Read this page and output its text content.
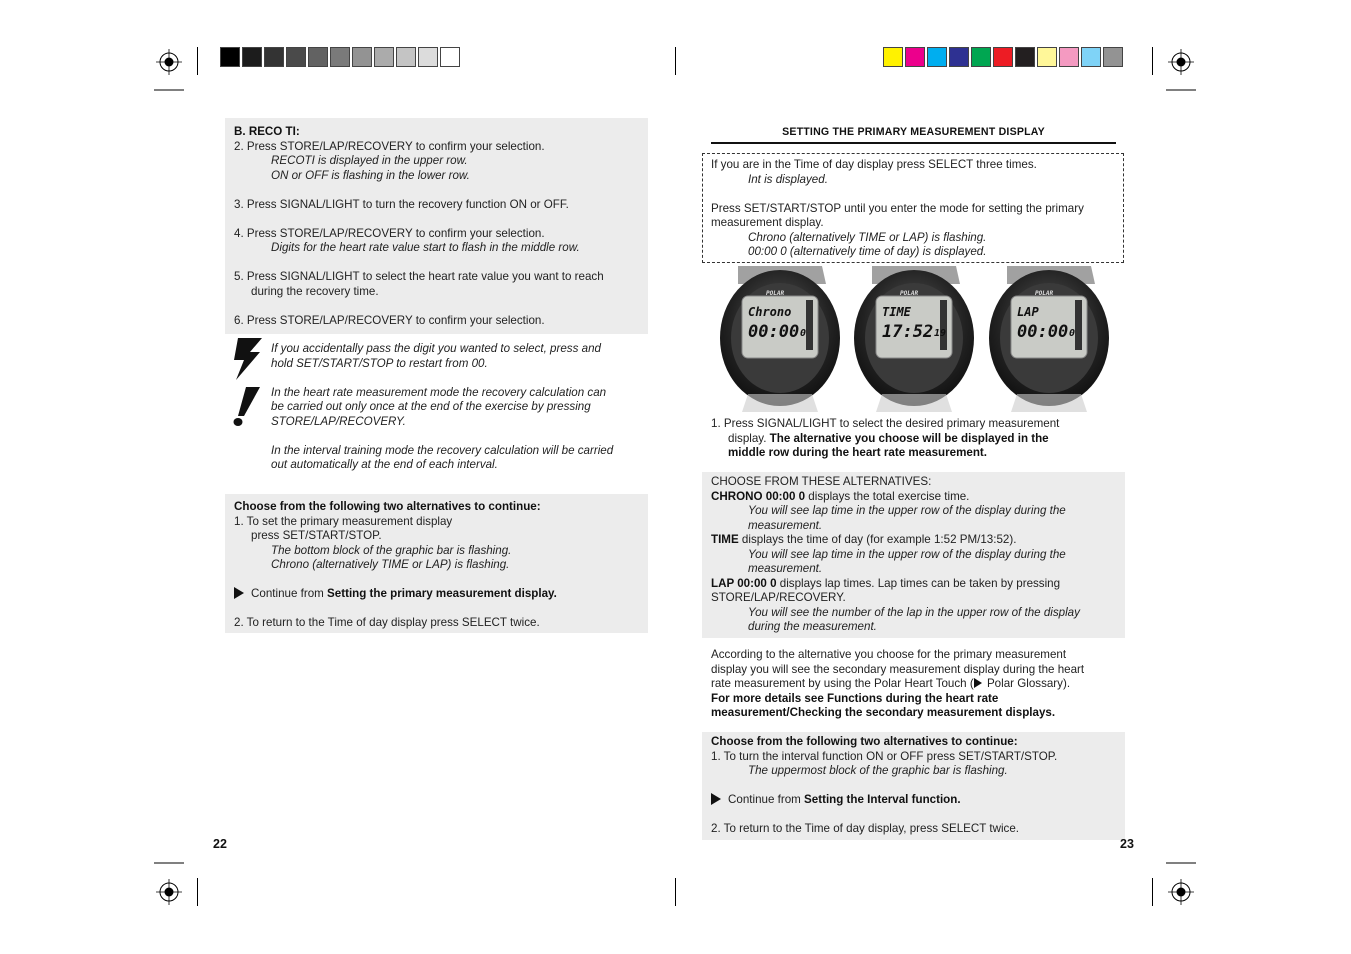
B. RECO TI:
2. Press STORE/LAP/RECOVERY to confirm your selection.
RECOTI is displayed in the upper row.
ON or OFF is flashing in the lower row.
3. Press SIGNAL/LIGHT to turn the recovery function ON or OFF.
4. Press STORE/LAP/RECOVERY to confirm your selection.
Digits for the heart rate value start to flash in the middle row.
5. Press SIGNAL/LIGHT to select the heart rate value you want to reach
during the recovery time.
6. Press STORE/LAP/RECOVERY to confirm your selection.
If you accidentally pass the digit you wanted to select, press and
hold SET/START/STOP to restart from 00.
In the heart rate measurement mode the recovery calculation can
be carried out only once at the end of the exercise by pressing
STORE/LAP/RECOVERY.
In the interval training mode the recovery calculation will be carried
out automatically at the end of each interval.
Choose from the following two alternatives to continue:
1. To set the primary measurement display
press SET/START/STOP.
The bottom block of the graphic bar is flashing.
Chrono (alternatively TIME or LAP) is flashing.
Continue from Setting the primary measurement display.
2. To return to the Time of day display press SELECT twice.
22
SETTING THE PRIMARY MEASUREMENT DISPLAY
If you are in the Time of day display press SELECT three times.
Int is displayed.
Press SET/START/STOP until you enter the mode for setting the primary
measurement display.
Chrono (alternatively TIME or LAP) is flashing.
00:00 0 (alternatively time of day) is displayed.
POLAR
Chrono
00:00 0
POLAR
TIME
17:52 19
POLAR
LAP
00:00 0
1. Press SIGNAL/LIGHT to select the desired primary measurement
display. The alternative you choose will be displayed in the
middle row during the heart rate measurement.
CHOOSE FROM THESE ALTERNATIVES:
CHRONO 00:00 0 displays the total exercise time.
You will see lap time in the upper row of the display during the
measurement.
TIME displays the time of day (for example 1:52 PM/13:52).
You will see lap time in the upper row of the display during the
measurement.
LAP 00:00 0 displays lap times. Lap times can be taken by pressing
STORE/LAP/RECOVERY.
You will see the number of the lap in the upper row of the display
during the measurement.
According to the alternative you choose for the primary measurement
display you will see the secondary measurement display during the heart
rate measurement by using the Polar Heart Touch ( Polar Glossary).
For more details see Functions during the heart rate
measurement/Checking the secondary measurement displays.
Choose from the following two alternatives to continue:
1. To turn the interval function ON or OFF press SET/START/STOP.
The uppermost block of the graphic bar is flashing.
Continue from Setting the Interval function.
2. To return to the Time of day display, press SELECT twice.
23
